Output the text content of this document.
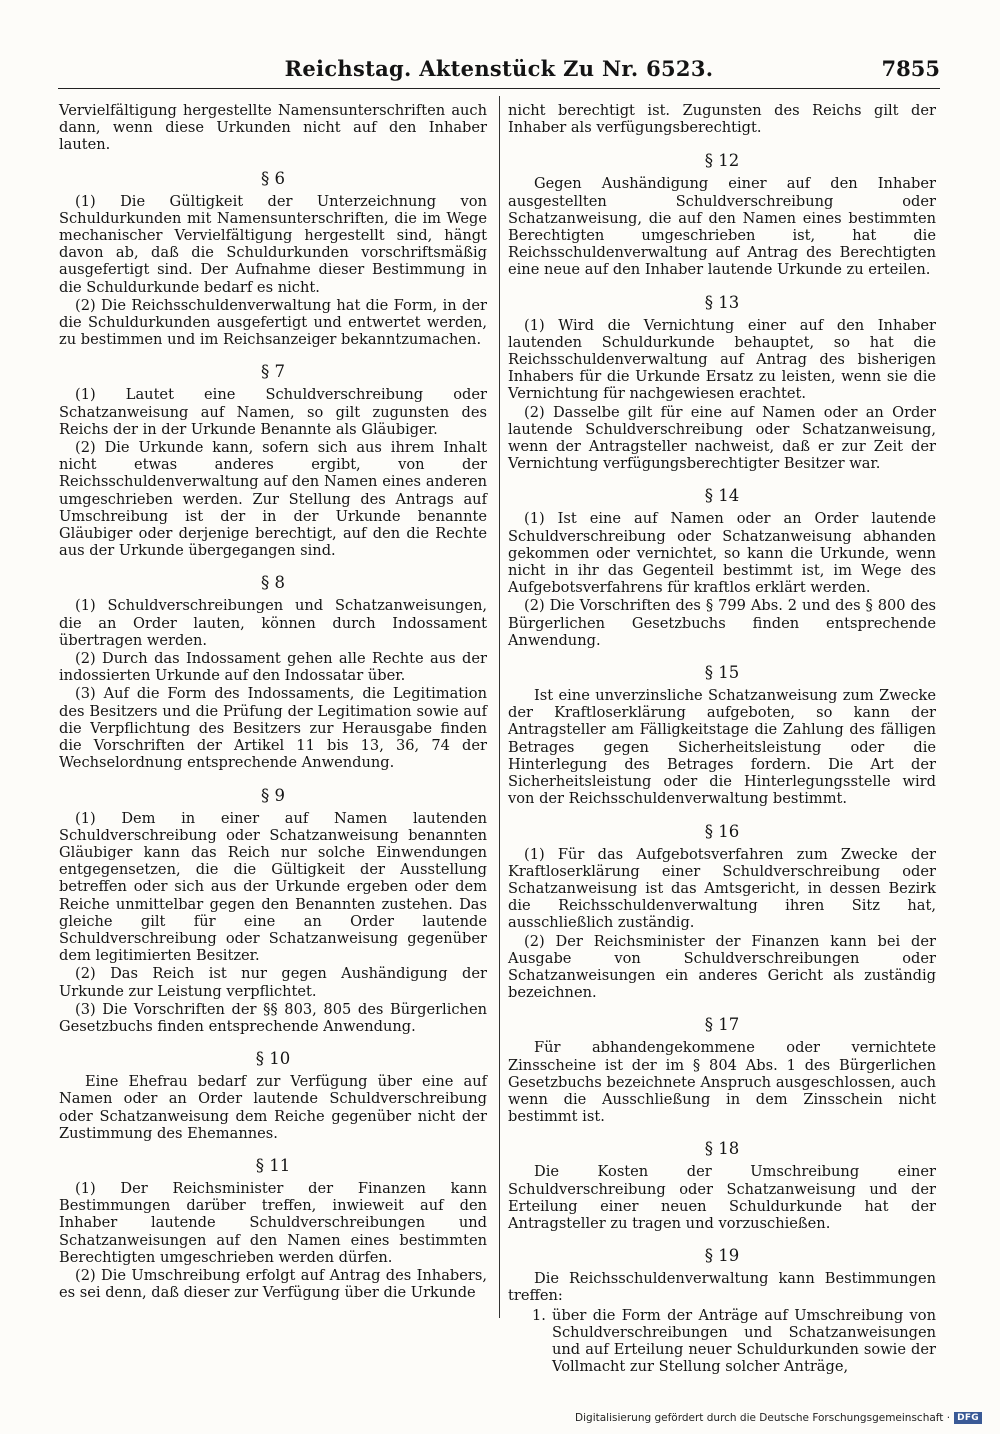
Reichstag. Aktenstück Zu Nr. 6523.	7855

Vervielfältigung hergestellte Namensunterschriften auch dann, wenn diese Urkunden nicht auf den Inhaber lauten.

§ 6

(1) Die Gültigkeit der Unterzeichnung von Schuldurkunden mit Namensunterschriften, die im Wege mechanischer Vervielfältigung hergestellt sind, hängt davon ab, daß die Schuldurkunden vorschriftsmäßig ausgefertigt sind. Der Aufnahme dieser Bestimmung in die Schuldurkunde bedarf es nicht.

(2) Die Reichsschuldenverwaltung hat die Form, in der die Schuldurkunden ausgefertigt und entwertet werden, zu bestimmen und im Reichsanzeiger bekanntzumachen.

§ 7

(1) Lautet eine Schuldverschreibung oder Schatzanweisung auf Namen, so gilt zugunsten des Reichs der in der Urkunde Benannte als Gläubiger.

(2) Die Urkunde kann, sofern sich aus ihrem Inhalt nicht etwas anderes ergibt, von der Reichsschuldenverwaltung auf den Namen eines anderen umgeschrieben werden. Zur Stellung des Antrags auf Umschreibung ist der in der Urkunde benannte Gläubiger oder derjenige berechtigt, auf den die Rechte aus der Urkunde übergegangen sind.

§ 8

(1) Schuldverschreibungen und Schatzanweisungen, die an Order lauten, können durch Indossament übertragen werden.

(2) Durch das Indossament gehen alle Rechte aus der indossierten Urkunde auf den Indossatar über.

(3) Auf die Form des Indossaments, die Legitimation des Besitzers und die Prüfung der Legitimation sowie auf die Verpflichtung des Besitzers zur Herausgabe finden die Vorschriften der Artikel 11 bis 13, 36, 74 der Wechselordnung entsprechende Anwendung.

§ 9

(1) Dem in einer auf Namen lautenden Schuldverschreibung oder Schatzanweisung benannten Gläubiger kann das Reich nur solche Einwendungen entgegensetzen, die die Gültigkeit der Ausstellung betreffen oder sich aus der Urkunde ergeben oder dem Reiche unmittelbar gegen den Benannten zustehen. Das gleiche gilt für eine an Order lautende Schuldverschreibung oder Schatzanweisung gegenüber dem legitimierten Besitzer.

(2) Das Reich ist nur gegen Aushändigung der Urkunde zur Leistung verpflichtet.

(3) Die Vorschriften der §§ 803, 805 des Bürgerlichen Gesetzbuchs finden entsprechende Anwendung.

§ 10

Eine Ehefrau bedarf zur Verfügung über eine auf Namen oder an Order lautende Schuldverschreibung oder Schatzanweisung dem Reiche gegenüber nicht der Zustimmung des Ehemannes.

§ 11

(1) Der Reichsminister der Finanzen kann Bestimmungen darüber treffen, inwieweit auf den Inhaber lautende Schuldverschreibungen und Schatzanweisungen auf den Namen eines bestimmten Berechtigten umgeschrieben werden dürfen.

(2) Die Umschreibung erfolgt auf Antrag des Inhabers, es sei denn, daß dieser zur Verfügung über die Urkunde

nicht berechtigt ist. Zugunsten des Reichs gilt der Inhaber als verfügungsberechtigt.

§ 12

Gegen Aushändigung einer auf den Inhaber ausgestellten Schuldverschreibung oder Schatzanweisung, die auf den Namen eines bestimmten Berechtigten umgeschrieben ist, hat die Reichsschuldenverwaltung auf Antrag des Berechtigten eine neue auf den Inhaber lautende Urkunde zu erteilen.

§ 13

(1) Wird die Vernichtung einer auf den Inhaber lautenden Schuldurkunde behauptet, so hat die Reichsschuldenverwaltung auf Antrag des bisherigen Inhabers für die Urkunde Ersatz zu leisten, wenn sie die Vernichtung für nachgewiesen erachtet.

(2) Dasselbe gilt für eine auf Namen oder an Order lautende Schuldverschreibung oder Schatzanweisung, wenn der Antragsteller nachweist, daß er zur Zeit der Vernichtung verfügungsberechtigter Besitzer war.

§ 14

(1) Ist eine auf Namen oder an Order lautende Schuldverschreibung oder Schatzanweisung abhanden gekommen oder vernichtet, so kann die Urkunde, wenn nicht in ihr das Gegenteil bestimmt ist, im Wege des Aufgebotsverfahrens für kraftlos erklärt werden.

(2) Die Vorschriften des § 799 Abs. 2 und des § 800 des Bürgerlichen Gesetzbuchs finden entsprechende Anwendung.

§ 15

Ist eine unverzinsliche Schatzanweisung zum Zwecke der Kraftloserklärung aufgeboten, so kann der Antragsteller am Fälligkeitstage die Zahlung des fälligen Betrages gegen Sicherheitsleistung oder die Hinterlegung des Betrages fordern. Die Art der Sicherheitsleistung oder die Hinterlegungsstelle wird von der Reichsschuldenverwaltung bestimmt.

§ 16

(1) Für das Aufgebotsverfahren zum Zwecke der Kraftloserklärung einer Schuldverschreibung oder Schatzanweisung ist das Amtsgericht, in dessen Bezirk die Reichsschuldenverwaltung ihren Sitz hat, ausschließlich zuständig.

(2) Der Reichsminister der Finanzen kann bei der Ausgabe von Schuldverschreibungen oder Schatzanweisungen ein anderes Gericht als zuständig bezeichnen.

§ 17

Für abhandengekommene oder vernichtete Zinsscheine ist der im § 804 Abs. 1 des Bürgerlichen Gesetzbuchs bezeichnete Anspruch ausgeschlossen, auch wenn die Ausschließung in dem Zinsschein nicht bestimmt ist.

§ 18

Die Kosten der Umschreibung einer Schuldverschreibung oder Schatzanweisung und der Erteilung einer neuen Schuldurkunde hat der Antragsteller zu tragen und vorzuschießen.

§ 19

Die Reichsschuldenverwaltung kann Bestimmungen treffen:

1. über die Form der Anträge auf Umschreibung von Schuldverschreibungen und Schatzanweisungen und auf Erteilung neuer Schuldurkunden sowie der Vollmacht zur Stellung solcher Anträge,
Digitalisierung gefördert durch die Deutsche Forschungsgemeinschaft · DFG
